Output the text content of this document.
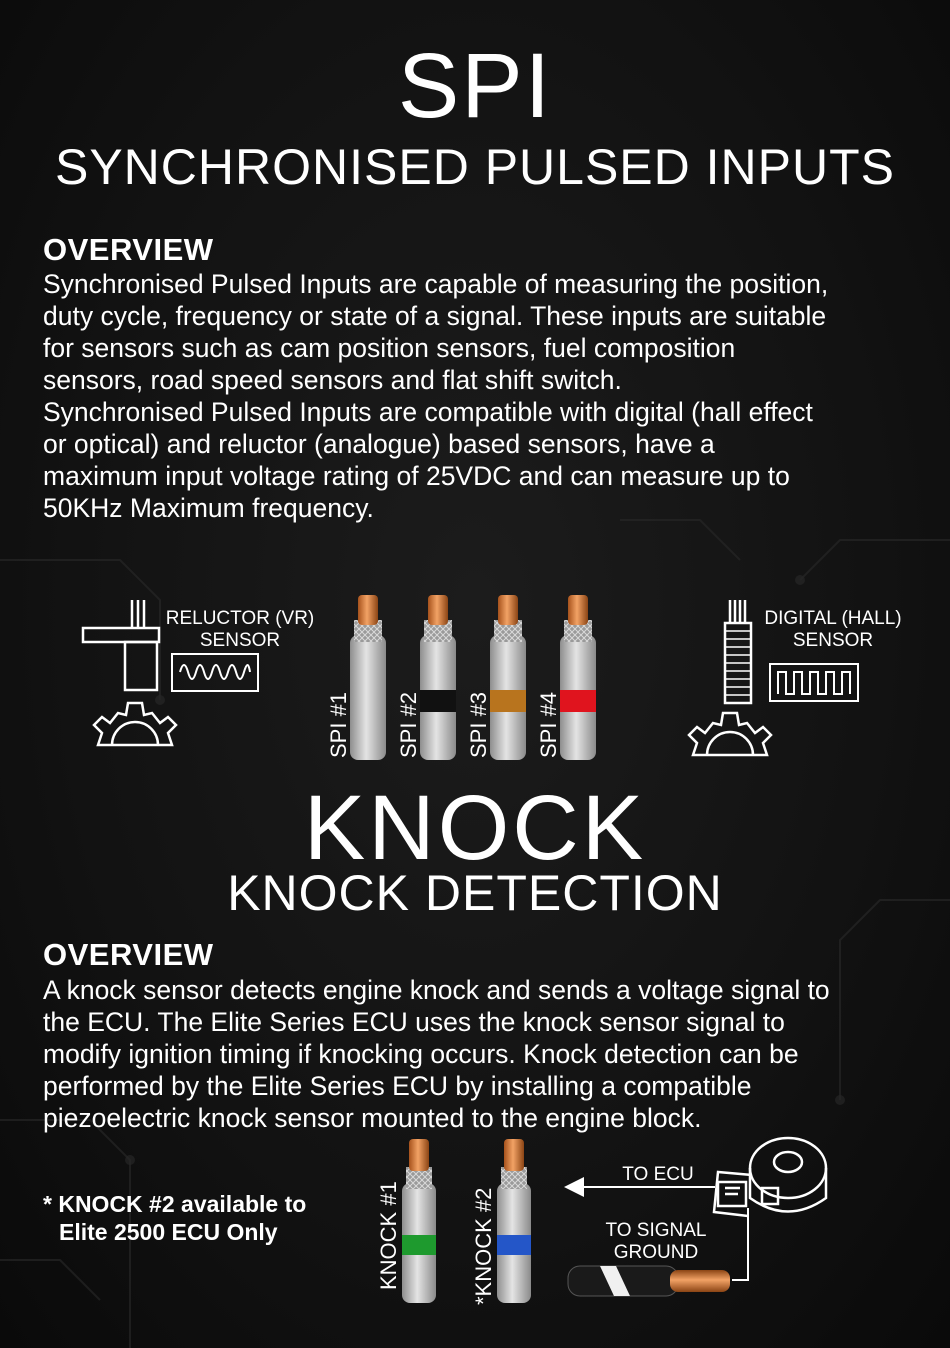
SPI
SYNCHRONISED PULSED INPUTS
OVERVIEW
Synchronised Pulsed Inputs are capable of measuring the position,
duty cycle, frequency or state of a signal. These inputs are suitable
for sensors such as cam position sensors, fuel composition
sensors, road speed sensors and flat shift switch.
Synchronised Pulsed Inputs are compatible with digital (hall effect
or optical) and reluctor (analogue) based sensors, have a
maximum input voltage rating of 25VDC and can measure up to
50KHz Maximum frequency.
RELUCTOR (VR)
SENSOR
SPI #1 SPI #2 SPI #3 SPI #4
DIGITAL (HALL)
SENSOR
KNOCK
KNOCK DETECTION
OVERVIEW
A knock sensor detects engine knock and sends a voltage signal to
the ECU. The Elite Series ECU uses the knock sensor signal to
modify ignition timing if knocking occurs. Knock detection can be
performed by the Elite Series ECU by installing a compatible
piezoelectric knock sensor mounted to the engine block.
* KNOCK #2 available to
Elite 2500 ECU Only	KNOCK #1	*KNOCK #2
TO ECU
TO SIGNAL
GROUND
